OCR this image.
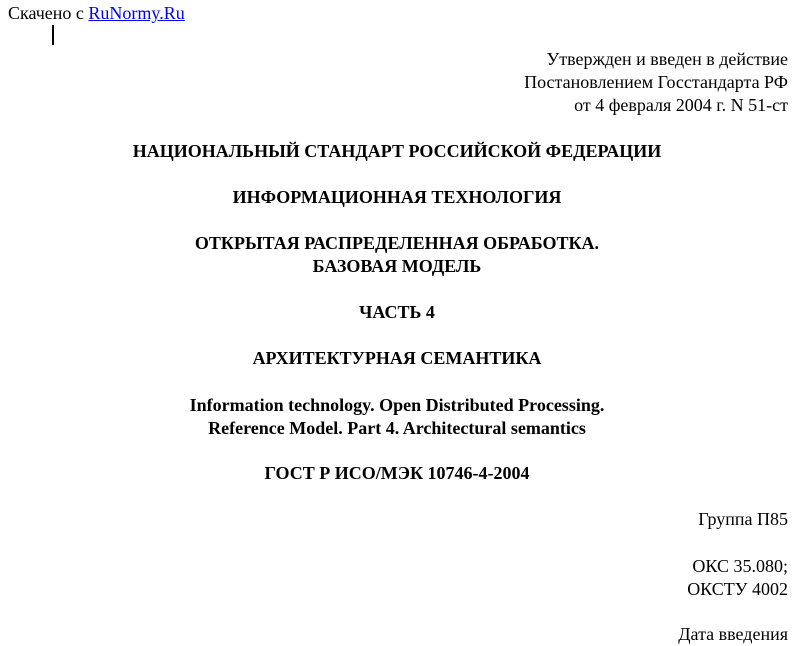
Скачено с RuNormy.Ru
Утвержден и введен в действие
Постановлением Госстандарта РФ
от 4 февраля 2004 г. N 51-ст
НАЦИОНАЛЬНЫЙ СТАНДАРТ РОССИЙСКОЙ ФЕДЕРАЦИИ
ИНФОРМАЦИОННАЯ ТЕХНОЛОГИЯ
ОТКРЫТАЯ РАСПРЕДЕЛЕННАЯ ОБРАБОТКА.
БАЗОВАЯ МОДЕЛЬ
ЧАСТЬ 4
АРХИТЕКТУРНАЯ СЕМАНТИКА
Information technology. Open Distributed Processing.
Reference Model. Part 4. Architectural semantics
ГОСТ Р ИСО/МЭК 10746-4-2004
Группа П85
ОКС 35.080;
ОКСТУ 4002
Дата введения
